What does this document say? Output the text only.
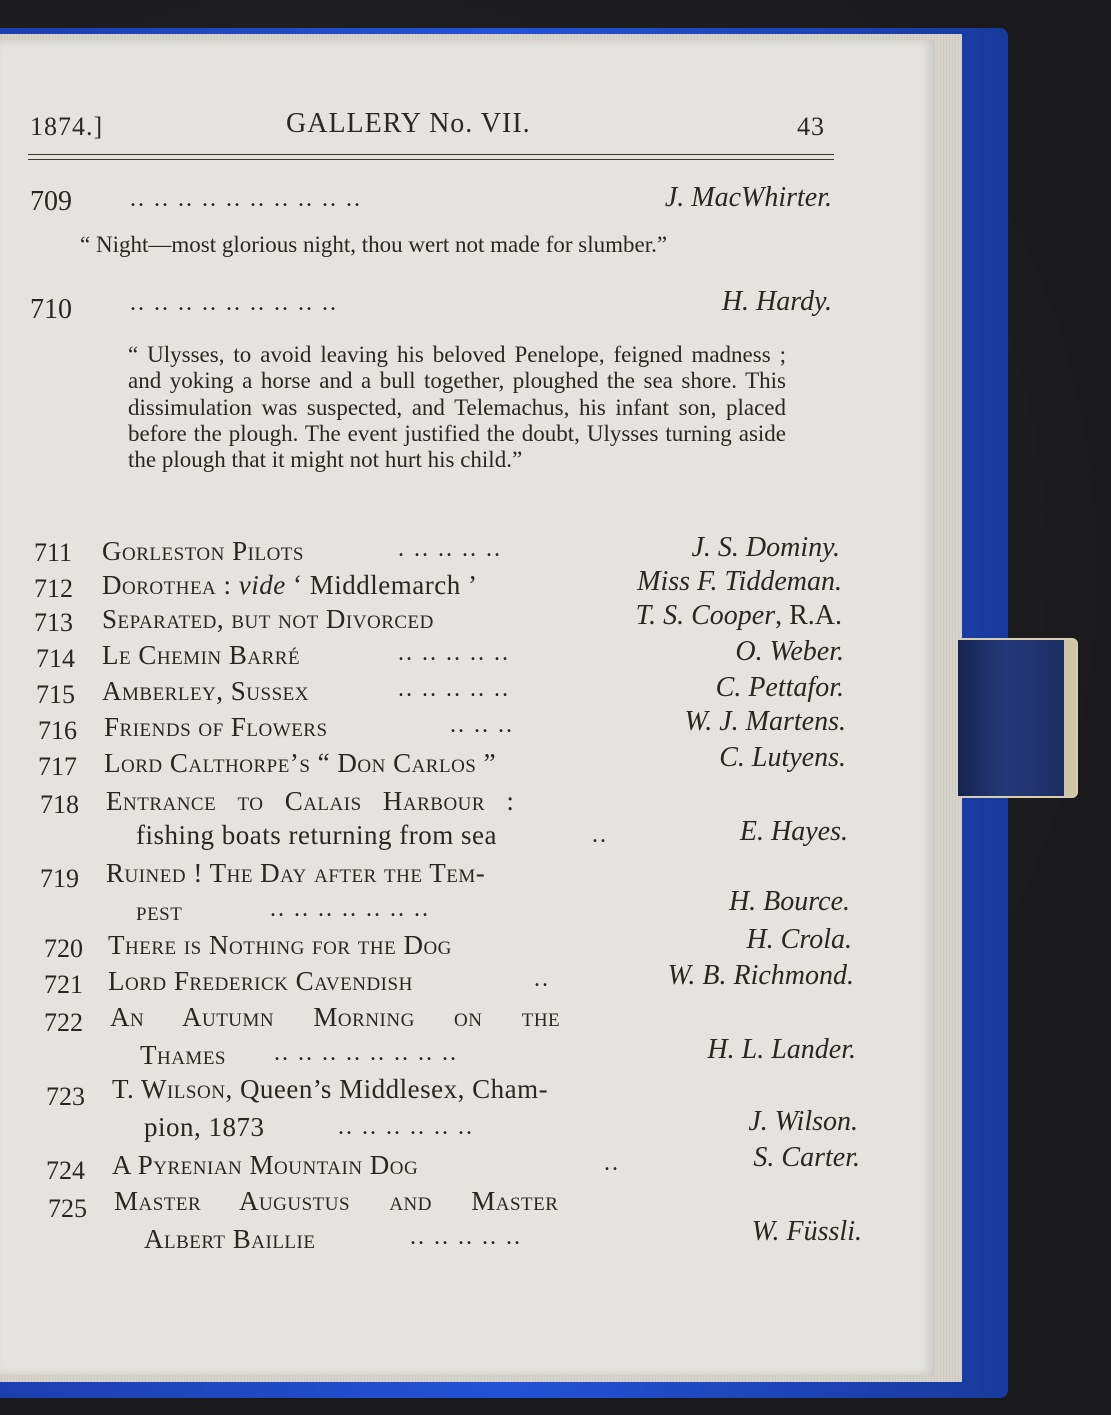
1874.]	GALLERY No. VII.	43
709 .. .. .. .. .. .. .. .. .. ..	J. MacWhirter.
“ Night—most glorious night, thou wert not made for slumber.”
710 .. .. .. .. .. .. .. .. ..	H. Hardy.
“ Ulysses, to avoid leaving his beloved Penelope, feigned madness ; and yoking a horse and a bull together, ploughed the sea shore. This dissimulation was suspected, and Telemachus, his infant son, placed before the plough. The event justified the doubt, Ulysses turning aside the plough that it might not hurt his child.”
711 Gorleston Pilots	. .. .. .. ..	J. S. Dominy.
712 Dorothea : vide ‘ Middlemarch ’	Miss F. Tiddeman.
713 Separated, but not Divorced	T. S. Cooper, R.A.
714 Le Chemin Barré	.. .. .. .. ..	O. Weber.
715 Amberley, Sussex	.. .. .. .. ..	C. Pettafor.
716 Friends of Flowers	.. .. ..	W. J. Martens.
717 Lord Calthorpe’s “ Don Carlos ”	C. Lutyens.
718 Entrance to Calais Harbour :
fishing boats returning from sea	..	E. Hayes.
719 Ruined ! The Day after the Tem-
pest	.. .. .. .. .. .. ..	H. Bource.
720 There is Nothing for the Dog	H. Crola.
721 Lord Frederick Cavendish	..	W. B. Richmond.
722 An Autumn Morning on the
Thames .. .. .. .. .. .. .. ..	H. L. Lander.
723 T. Wilson, Queen’s Middlesex, Cham-
pion, 1873	.. .. .. .. .. ..	J. Wilson.
724 A Pyrenian Mountain Dog	..	S. Carter.
725 Master Augustus and Master
Albert Baillie	.. .. .. .. ..	W. Füssli.
